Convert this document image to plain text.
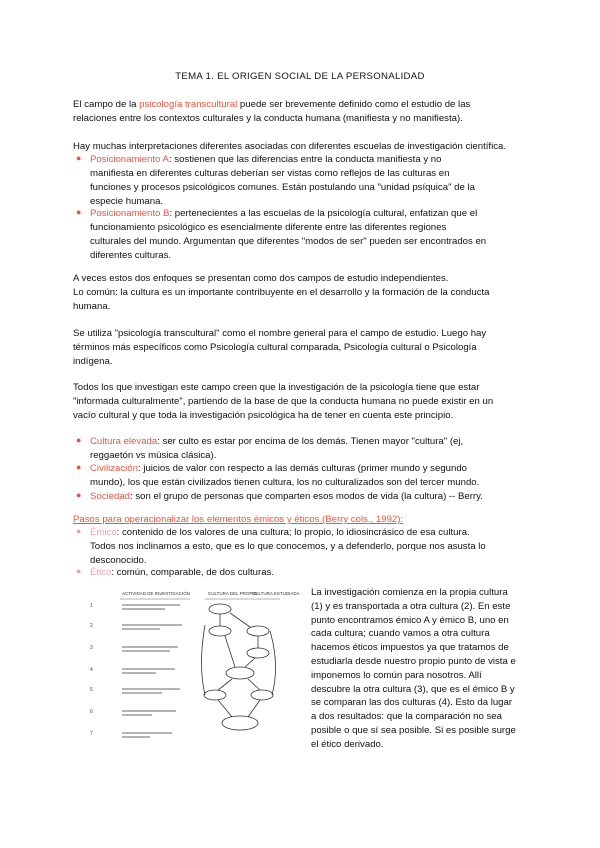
TEMA 1. EL ORIGEN SOCIAL DE LA PERSONALIDAD

El campo de la psicología transcultural puede ser brevemente definido como el estudio de las

relaciones entre los contextos culturales y la conducta humana (manifiesta y no manifiesta).

Hay muchas interpretaciones diferentes asociadas con diferentes escuelas de investigación científica.

● Posicionamiento A: sostienen que las diferencias entre la conducta manifiesta y no

manifiesta en diferentes culturas deberían ser vistas como reflejos de las culturas en

funciones y procesos psicológicos comunes. Están postulando una "unidad psíquica" de la

especie humana.

● Posicionamiento B: pertenecientes a las escuelas de la psicología cultural, enfatizan que el

funcionamiento psicológico es esencialmente diferente entre las diferentes regiones

culturales del mundo. Argumentan que diferentes "modos de ser" pueden ser encontrados en

diferentes culturas.

A veces estos dos enfoques se presentan como dos campos de estudio independientes.

Lo común: la cultura es un importante contribuyente en el desarrollo y la formación de la conducta

humana.

Se utiliza "psicología transcultural" como el nombre general para el campo de estudio. Luego hay

términos más específicos como Psicología cultural comparada, Psicología cultural o Psicología

indígena.

Todos los que investigan este campo creen que la investigación de la psicología tiene que estar

"informada culturalmente", partiendo de la base de que la conducta humana no puede existir en un

vacío cultural y que toda la investigación psicológica ha de tener en cuenta este principio.

● Cultura elevada: ser culto es estar por encima de los demás. Tienen mayor "cultura" (ej,

reggaetón vs música clásica).

● Civilización: juicios de valor con respecto a las demás culturas (primer mundo y segundo

mundo), los que están civilizados tienen cultura, los no culturalizados son del tercer mundo.

● Sociedad: son el grupo de personas que comparten esos modos de vida (la cultura) -- Berry.

Pasos para operacionalizar los elementos émicos y éticos (Berry cols., 1992):

● Émico: contenido de los valores de una cultura; lo propio, lo idiosincrásico de esa cultura.

Todos nos inclinamos a esto, que es lo que conocemos, y a defenderlo, porque nos asusta lo

desconocido.

● Ético: común, comparable, de dos culturas.

ACTIVIDAD DE INVESTIGACIÓN	CULTURA DEL PROPIO
CULTURA ESTUDIADA
1
2
3
4
5
6
7
La investigación comienza en la propia cultura
(1) y es transportada a otra cultura (2). En este
punto encontramos émico A y émico B, uno en
cada cultura; cuando vamos a otra cultura
hacemos éticos impuestos ya que tratamos de
estudiarla desde nuestro propio punto de vista e
imponemos lo común para nosotros. Allí
descubre la otra cultura (3), que es el émico B y
se comparan las dos culturas (4). Esto da lugar
a dos resultados: que la comparación no sea
posible o que sí sea posible. Si es posible surge
el ético derivado.
